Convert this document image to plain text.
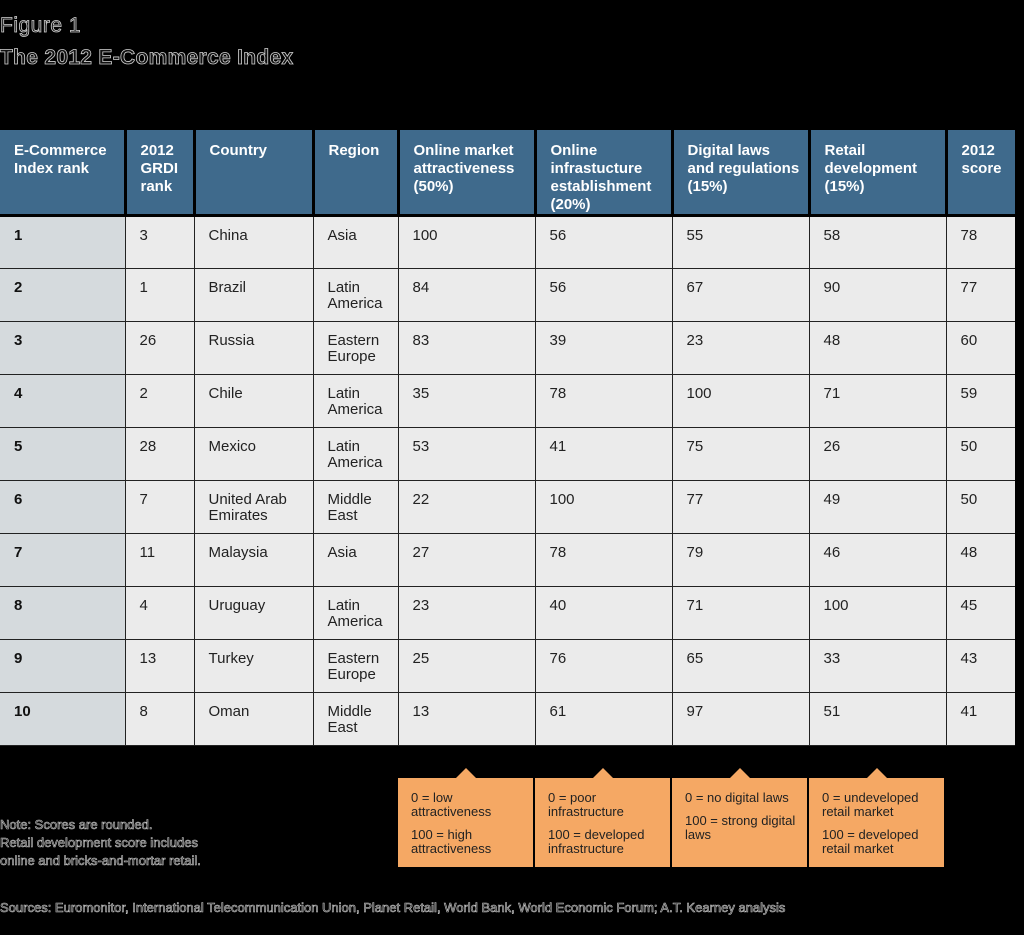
Figure 1
The 2012 E-Commerce Index
E-Commerce Index rank	2012 GRDI rank	Country	Region	Online market attractiveness (50%)	Online infrastucture establishment (20%)	Digital laws and regulations (15%)	Retail development (15%)	2012 score
1	3	China	Asia	100	56	55	58	78
2	1	Brazil	Latin America	84	56	67	90	77
3	26	Russia	Eastern Europe	83	39	23	48	60
4	2	Chile	Latin America	35	78	100	71	59
5	28	Mexico	Latin America	53	41	75	26	50
6	7	United Arab Emirates	Middle East	22	100	77	49	50
7	11	Malaysia	Asia	27	78	79	46	48
8	4	Uruguay	Latin America	23	40	71	100	45
9	13	Turkey	Eastern Europe	25	76	65	33	43
10	8	Oman	Middle East	13	61	97	51	41
0 = low attractiveness
100 = high attractiveness
0 = poor infrastructure
100 = developed infrastructure
0 = no digital laws
100 = strong digital laws
0 = undeveloped retail market
100 = developed retail market
Note: Scores are rounded.
Retail development score includes
online and bricks-and-mortar retail.
Sources: Euromonitor, International Telecommunication Union, Planet Retail, World Bank, World Economic Forum; A.T. Kearney analysis
